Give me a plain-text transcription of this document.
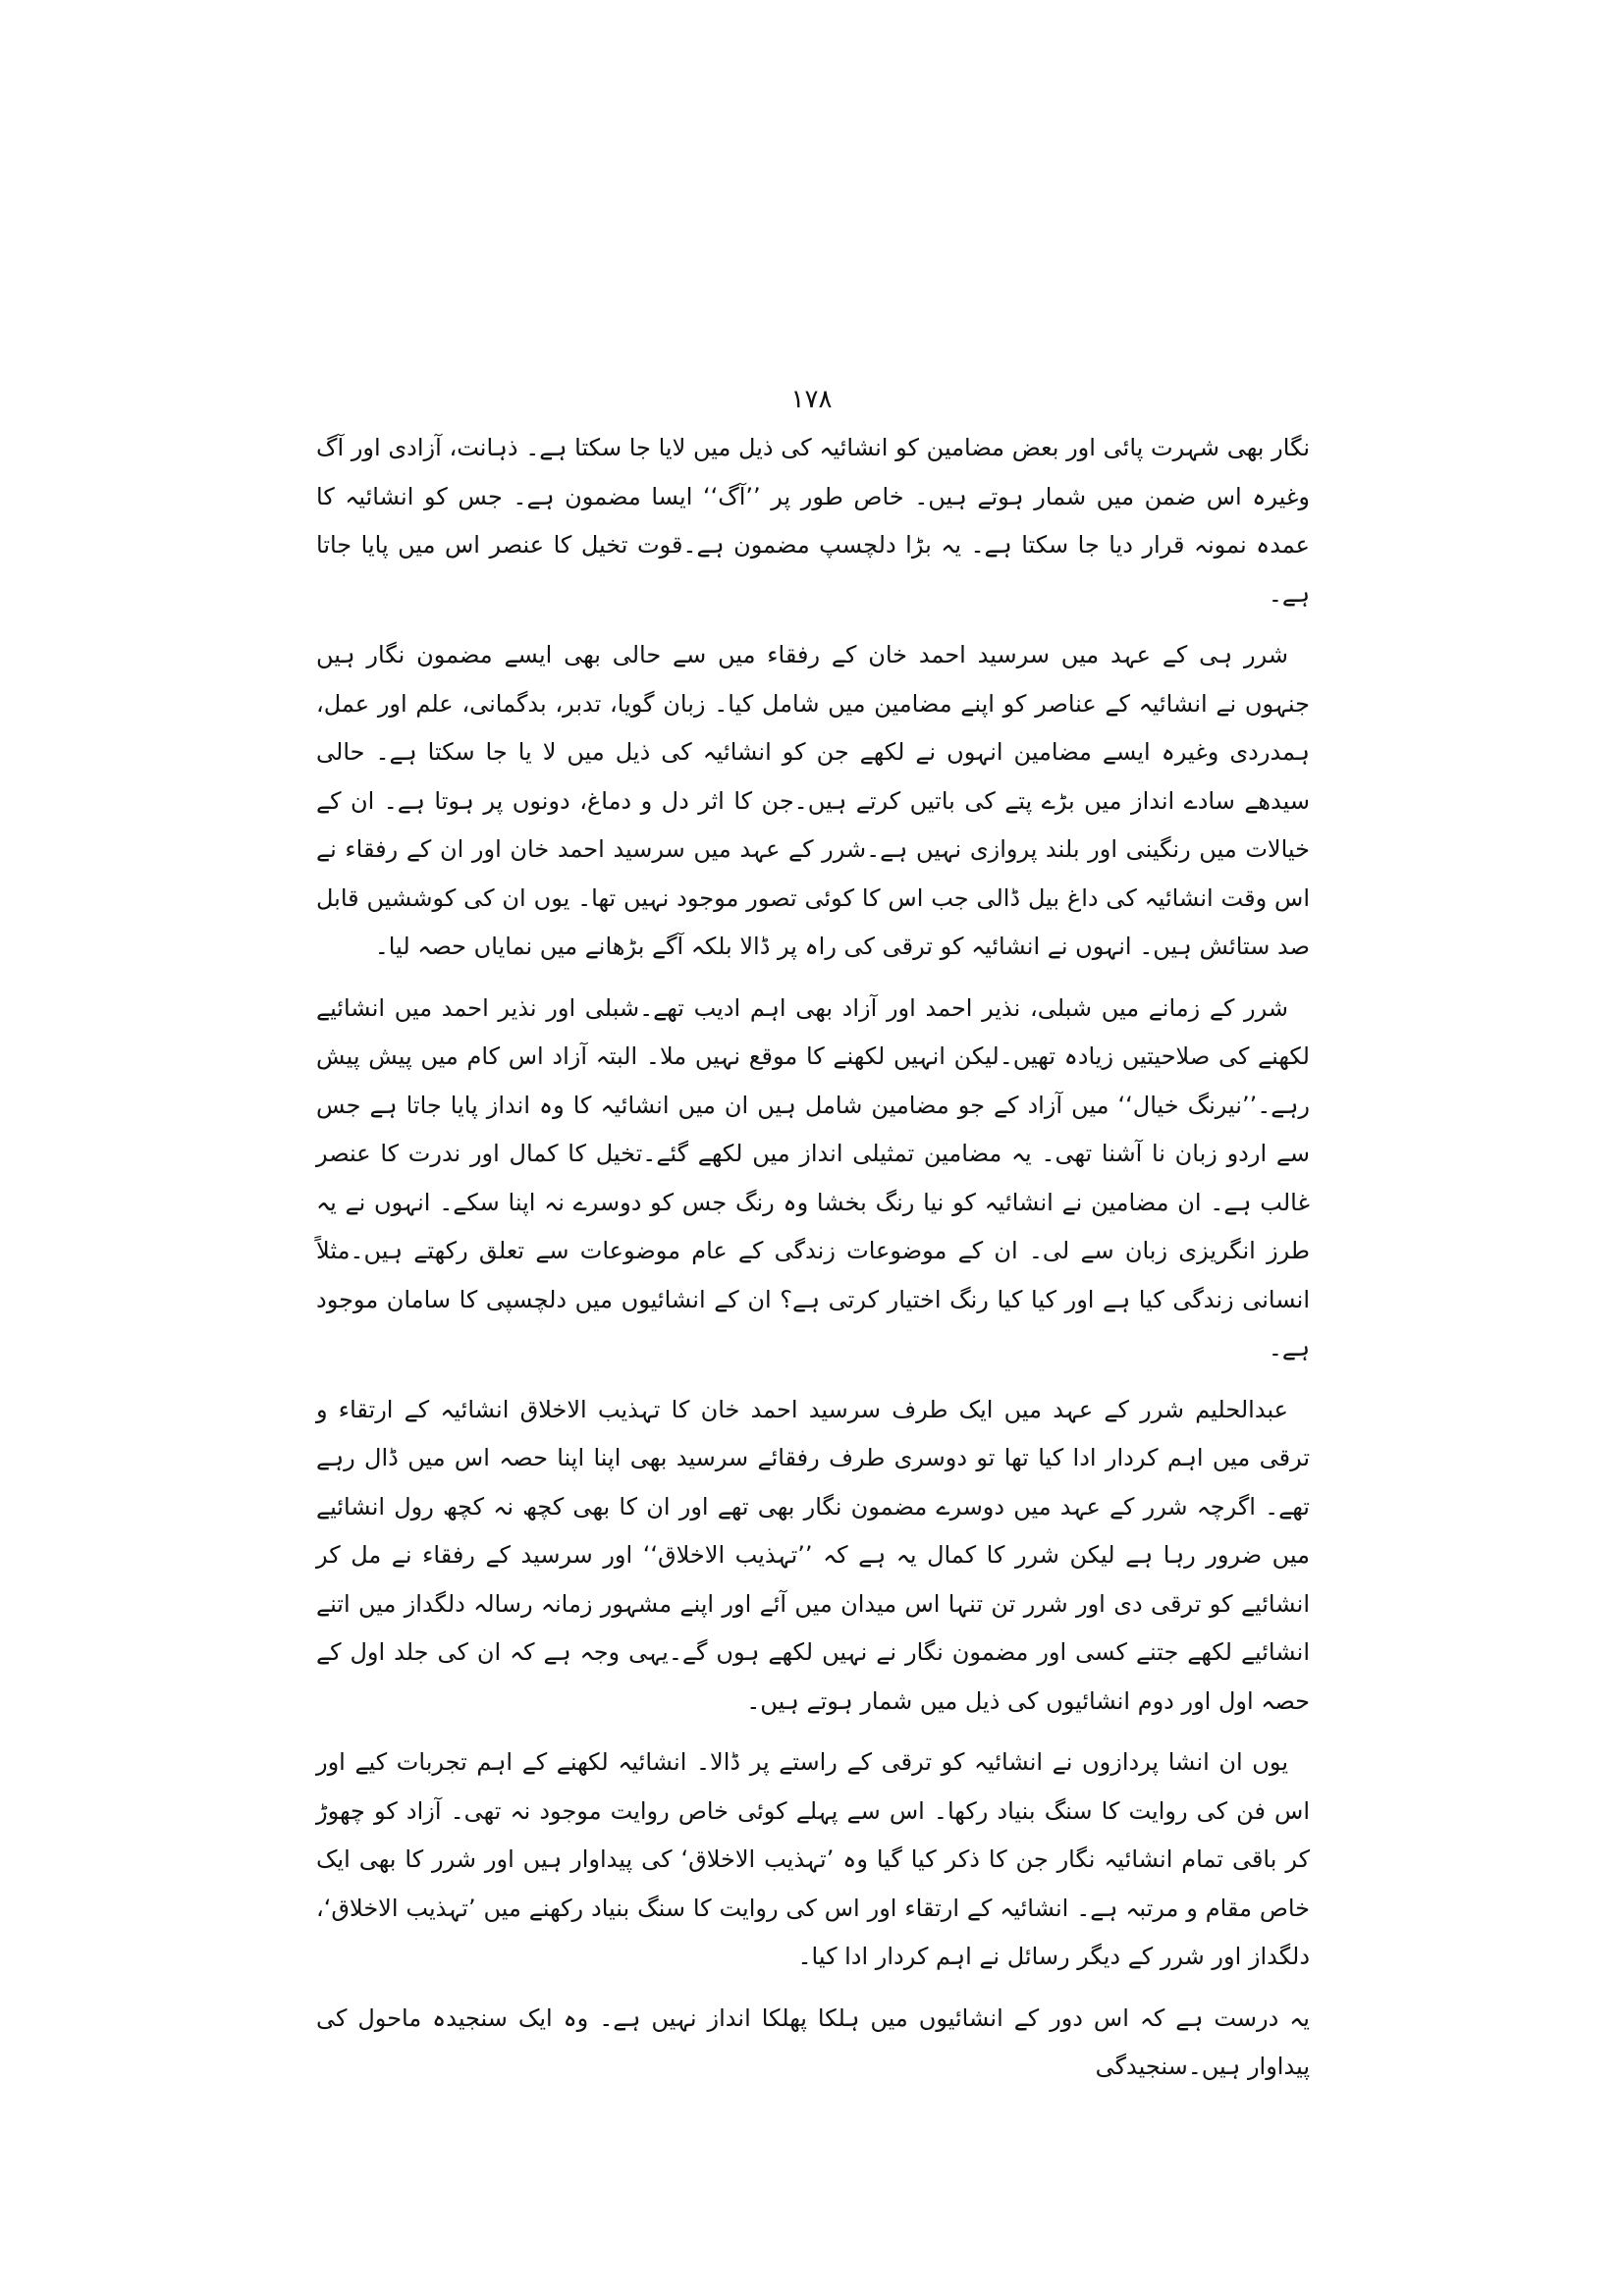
۱۷۸

نگار بھی شہرت پائی اور بعض مضامین کو انشائیہ کی ذیل میں لایا جا سکتا ہے۔ ذہانت، آزادی اور آگ وغیرہ اس ضمن میں شمار ہوتے ہیں۔ خاص طور پر ’’آگ‘‘ ایسا مضمون ہے۔ جس کو انشائیہ کا عمدہ نمونہ قرار دیا جا سکتا ہے۔ یہ بڑا دلچسپ مضمون ہے۔قوت تخیل کا عنصر اس میں پایا جاتا ہے۔

شرر ہی کے عہد میں سرسید احمد خان کے رفقاء میں سے حالی بھی ایسے مضمون نگار ہیں جنہوں نے انشائیہ کے عناصر کو اپنے مضامین میں شامل کیا۔ زبان گویا، تدبر، بدگمانی، علم اور عمل، ہمدردی وغیرہ ایسے مضامین انہوں نے لکھے جن کو انشائیہ کی ذیل میں لا یا جا سکتا ہے۔ حالی سیدھے سادے انداز میں بڑے پتے کی باتیں کرتے ہیں۔جن کا اثر دل و دماغ، دونوں پر ہوتا ہے۔ ان کے خیالات میں رنگینی اور بلند پروازی نہیں ہے۔شرر کے عہد میں سرسید احمد خان اور ان کے رفقاء نے اس وقت انشائیہ کی داغ بیل ڈالی جب اس کا کوئی تصور موجود نہیں تھا۔ یوں ان کی کوششیں قابل صد ستائش ہیں۔ انہوں نے انشائیہ کو ترقی کی راہ پر ڈالا بلکہ آگے بڑھانے میں نمایاں حصہ لیا۔

شرر کے زمانے میں شبلی، نذیر احمد اور آزاد بھی اہم ادیب تھے۔شبلی اور نذیر احمد میں انشائیے لکھنے کی صلاحیتیں زیادہ تھیں۔لیکن انہیں لکھنے کا موقع نہیں ملا۔ البتہ آزاد اس کام میں پیش پیش رہے۔’’نیرنگ خیال‘‘ میں آزاد کے جو مضامین شامل ہیں ان میں انشائیہ کا وہ انداز پایا جاتا ہے جس سے اردو زبان نا آشنا تھی۔ یہ مضامین تمثیلی انداز میں لکھے گئے۔تخیل کا کمال اور ندرت کا عنصر غالب ہے۔ ان مضامین نے انشائیہ کو نیا رنگ بخشا وہ رنگ جس کو دوسرے نہ اپنا سکے۔ انہوں نے یہ طرز انگریزی زبان سے لی۔ ان کے موضوعات زندگی کے عام موضوعات سے تعلق رکھتے ہیں۔مثلاً انسانی زندگی کیا ہے اور کیا کیا رنگ اختیار کرتی ہے؟ ان کے انشائیوں میں دلچسپی کا سامان موجود ہے۔

عبدالحلیم شرر کے عہد میں ایک طرف سرسید احمد خان کا تہذیب الاخلاق انشائیہ کے ارتقاء و ترقی میں اہم کردار ادا کیا تھا تو دوسری طرف رفقائے سرسید بھی اپنا اپنا حصہ اس میں ڈال رہے تھے۔ اگرچہ شرر کے عہد میں دوسرے مضمون نگار بھی تھے اور ان کا بھی کچھ نہ کچھ رول انشائیے میں ضرور رہا ہے لیکن شرر کا کمال یہ ہے کہ ’’تہذیب الاخلاق‘‘ اور سرسید کے رفقاء نے مل کر انشائیے کو ترقی دی اور شرر تن تنہا اس میدان میں آئے اور اپنے مشہور زمانہ رسالہ دلگداز میں اتنے انشائیے لکھے جتنے کسی اور مضمون نگار نے نہیں لکھے ہوں گے۔یہی وجہ ہے کہ ان کی جلد اول کے حصہ اول اور دوم انشائیوں کی ذیل میں شمار ہوتے ہیں۔

یوں ان انشا پردازوں نے انشائیہ کو ترقی کے راستے پر ڈالا۔ انشائیہ لکھنے کے اہم تجربات کیے اور اس فن کی روایت کا سنگ بنیاد رکھا۔ اس سے پہلے کوئی خاص روایت موجود نہ تھی۔ آزاد کو چھوڑ کر باقی تمام انشائیہ نگار جن کا ذکر کیا گیا وہ ’تہذیب الاخلاق‘ کی پیداوار ہیں اور شرر کا بھی ایک خاص مقام و مرتبہ ہے۔ انشائیہ کے ارتقاء اور اس کی روایت کا سنگ بنیاد رکھنے میں ’تہذیب الاخلاق‘، دلگداز اور شرر کے دیگر رسائل نے اہم کردار ادا کیا۔

یہ درست ہے کہ اس دور کے انشائیوں میں ہلکا پھلکا انداز نہیں ہے۔ وہ ایک سنجیدہ ماحول کی پیداوار ہیں۔سنجیدگی
